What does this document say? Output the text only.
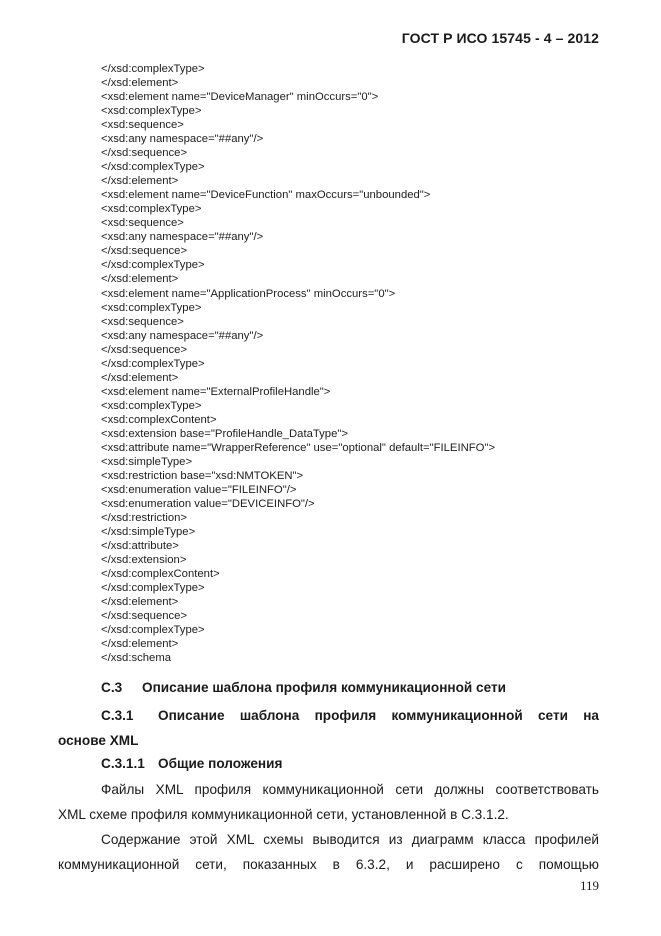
ГОСТ Р ИСО 15745 - 4 – 2012
</xsd:complexType>
</xsd:element>
<xsd:element name="DeviceManager" minOccurs="0">
<xsd:complexType>
<xsd:sequence>
<xsd:any namespace="##any"/>
</xsd:sequence>
</xsd:complexType>
</xsd:element>
<xsd:element name="DeviceFunction" maxOccurs="unbounded">
<xsd:complexType>
<xsd:sequence>
<xsd:any namespace="##any"/>
</xsd:sequence>
</xsd:complexType>
</xsd:element>
<xsd:element name="ApplicationProcess" minOccurs="0">
<xsd:complexType>
<xsd:sequence>
<xsd:any namespace="##any"/>
</xsd:sequence>
</xsd:complexType>
</xsd:element>
<xsd:element name="ExternalProfileHandle">
<xsd:complexType>
<xsd:complexContent>
<xsd:extension base="ProfileHandle_DataType">
<xsd:attribute name="WrapperReference" use="optional" default="FILEINFO">
<xsd:simpleType>
<xsd:restriction base="xsd:NMTOKEN">
<xsd:enumeration value="FILEINFO"/>
<xsd:enumeration value="DEVICEINFO"/>
</xsd:restriction>
</xsd:simpleType>
</xsd:attribute>
</xsd:extension>
</xsd:complexContent>
</xsd:complexType>
</xsd:element>
</xsd:sequence>
</xsd:complexType>
</xsd:element>
</xsd:schema
С.3 Описание шаблона профиля коммуникационной сети
С.3.1 Описание шаблона профиля коммуникационной сети на
основе XML
С.3.1.1 Общие положения
Файлы XML профиля коммуникационной сети должны соответствовать
XML схеме профиля коммуникационной сети, установленной в С.3.1.2.
Содержание этой XML схемы выводится из диаграмм класса профилей
коммуникационной сети, показанных в 6.3.2, и расширено с помощью
119
